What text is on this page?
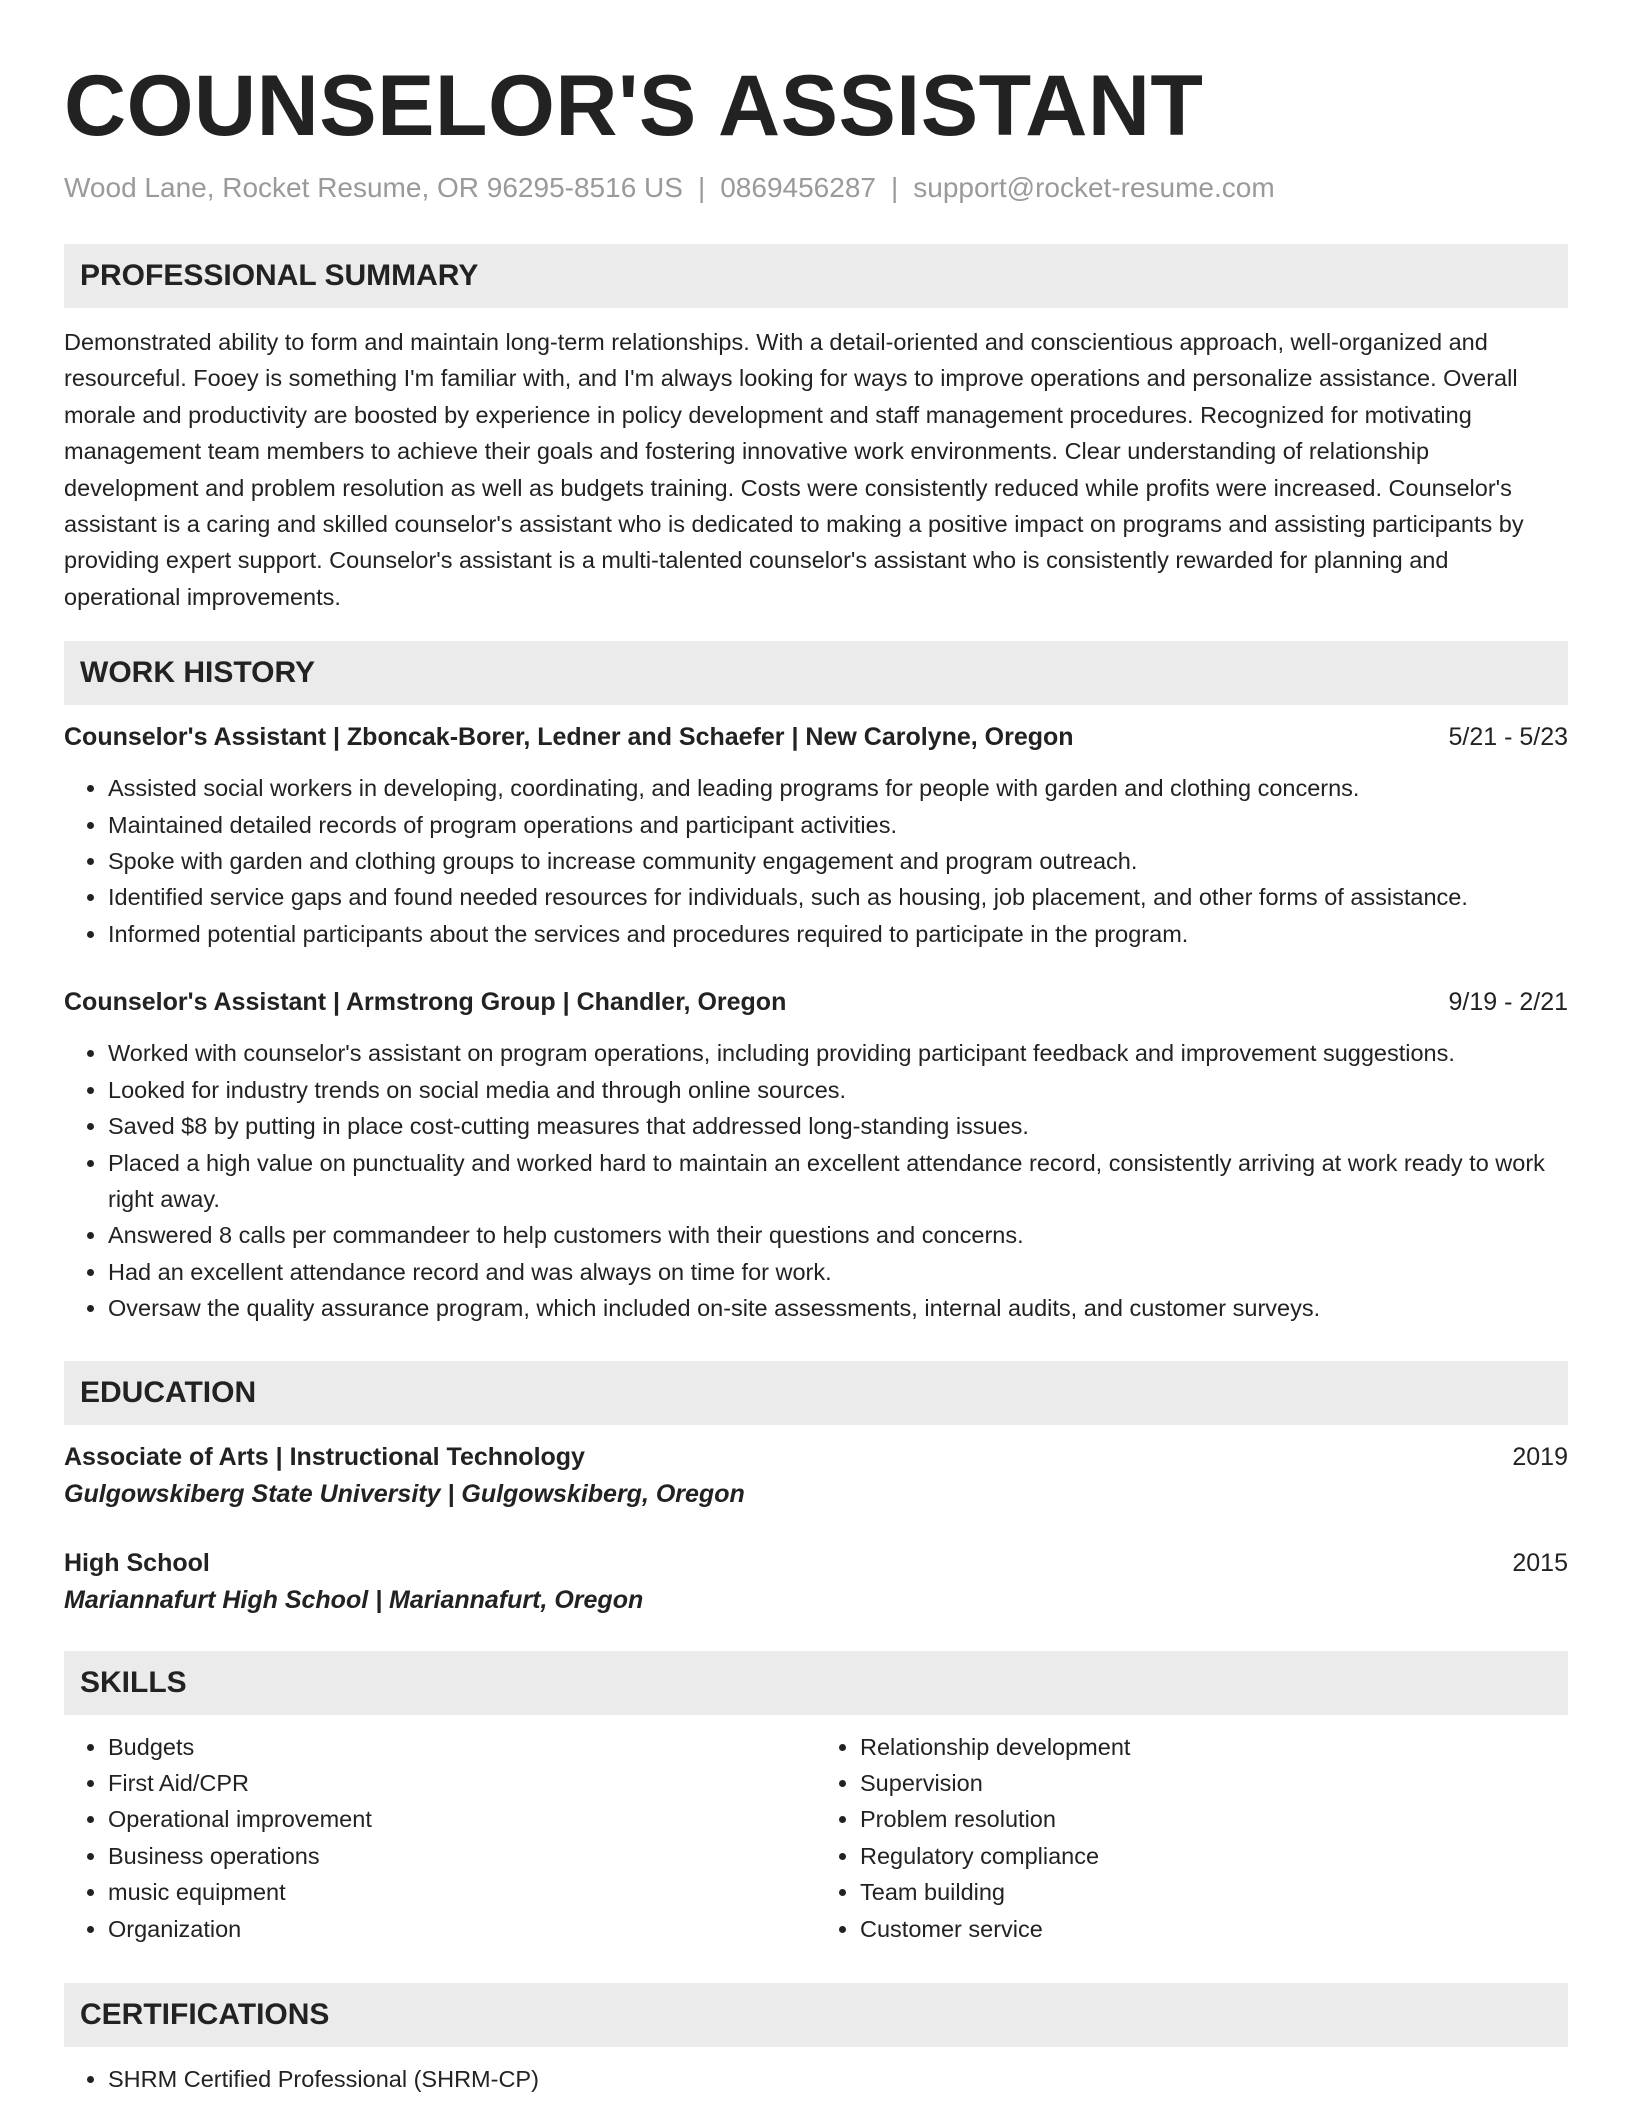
COUNSELOR'S ASSISTANT
Wood Lane, Rocket Resume, OR 96295-8516 US | 0869456287 | support@rocket-resume.com
PROFESSIONAL SUMMARY

Demonstrated ability to form and maintain long-term relationships. With a detail-oriented and conscientious approach, well-organized and resourceful. Fooey is something I'm familiar with, and I'm always looking for ways to improve operations and personalize assistance. Overall morale and productivity are boosted by experience in policy development and staff management procedures. Recognized for motivating management team members to achieve their goals and fostering innovative work environments. Clear understanding of relationship development and problem resolution as well as budgets training. Costs were consistently reduced while profits were increased. Counselor's assistant is a caring and skilled counselor's assistant who is dedicated to making a positive impact on programs and assisting participants by providing expert support. Counselor's assistant is a multi-talented counselor's assistant who is consistently rewarded for planning and operational improvements.

WORK HISTORY
Counselor's Assistant | Zboncak-Borer, Ledner and Schaefer | New Carolyne, Oregon	5/21 - 5/23
• Assisted social workers in developing, coordinating, and leading programs for people with garden and clothing concerns.
• Maintained detailed records of program operations and participant activities.
• Spoke with garden and clothing groups to increase community engagement and program outreach.
• Identified service gaps and found needed resources for individuals, such as housing, job placement, and other forms of assistance.
• Informed potential participants about the services and procedures required to participate in the program.
Counselor's Assistant | Armstrong Group | Chandler, Oregon	9/19 - 2/21
• Worked with counselor's assistant on program operations, including providing participant feedback and improvement suggestions.
• Looked for industry trends on social media and through online sources.
• Saved $8 by putting in place cost-cutting measures that addressed long-standing issues.
• Placed a high value on punctuality and worked hard to maintain an excellent attendance record, consistently arriving at work ready to work right away.
• Answered 8 calls per commandeer to help customers with their questions and concerns.
• Had an excellent attendance record and was always on time for work.
• Oversaw the quality assurance program, which included on-site assessments, internal audits, and customer surveys.
EDUCATION
Associate of Arts | Instructional Technology	2019
Gulgowskiberg State University | Gulgowskiberg, Oregon
High School	2015
Mariannafurt High School | Mariannafurt, Oregon
SKILLS
• Budgets
• First Aid/CPR
• Operational improvement
• Business operations
• music equipment
• Organization
• Relationship development
• Supervision
• Problem resolution
• Regulatory compliance
• Team building
• Customer service
CERTIFICATIONS
• SHRM Certified Professional (SHRM-CP)
